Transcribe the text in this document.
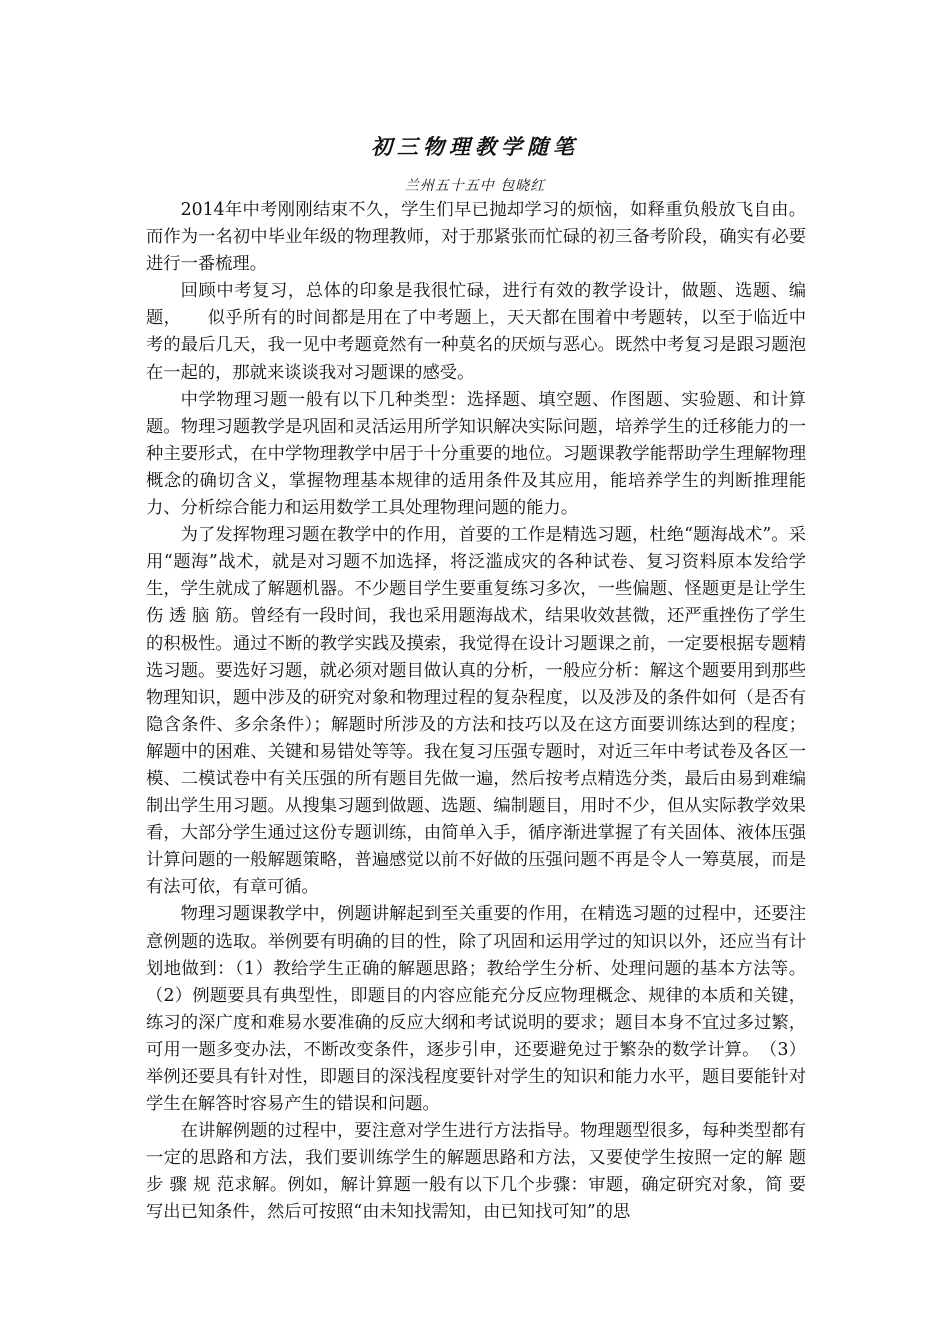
初三物理教学随笔
兰州五十五中 包晓红

2014年中考刚刚结束不久，学生们早已抛却学习的烦恼，如释重负般放飞自由。而作为一名初中毕业年级的物理教师，对于那紧张而忙碌的初三备考阶段，确实有必要进行一番梳理。

回顾中考复习，总体的印象是我很忙碌，进行有效的教学设计，做题、选题、编题，　　似乎所有的时间都是用在了中考题上，天天都在围着中考题转，以至于临近中考的最后几天，我一见中考题竟然有一种莫名的厌烦与恶心。既然中考复习是跟习题泡在一起的，那就来谈谈我对习题课的感受。

中学物理习题一般有以下几种类型：选择题、填空题、作图题、实验题、和计算题。物理习题教学是巩固和灵活运用所学知识解决实际问题，培养学生的迁移能力的一种主要形式，在中学物理教学中居于十分重要的地位。习题课教学能帮助学生理解物理概念的确切含义，掌握物理基本规律的适用条件及其应用，能培养学生的判断推理能力、分析综合能力和运用数学工具处理物理问题的能力。

为了发挥物理习题在教学中的作用，首要的工作是精选习题，杜绝“题海战术”。采用“题海”战术，就是对习题不加选择，将泛滥成灾的各种试卷、复习资料原本发给学生，学生就成了解题机器。不少题目学生要重复练习多次，一些偏题、怪题更是让学生伤 透 脑 筋。曾经有一段时间，我也采用题海战术，结果收效甚微，还严重挫伤了学生的积极性。通过不断的教学实践及摸索，我觉得在设计习题课之前，一定要根据专题精选习题。要选好习题，就必须对题目做认真的分析，一般应分析：解这个题要用到那些物理知识，题中涉及的研究对象和物理过程的复杂程度，以及涉及的条件如何（是否有隐含条件、多余条件）；解题时所涉及的方法和技巧以及在这方面要训练达到的程度；解题中的困难、关键和易错处等等。我在复习压强专题时，对近三年中考试卷及各区一模、二模试卷中有关压强的所有题目先做一遍，然后按考点精选分类，最后由易到难编制出学生用习题。从搜集习题到做题、选题、编制题目，用时不少，但从实际教学效果看，大部分学生通过这份专题训练，由简单入手，循序渐进掌握了有关固体、液体压强计算问题的一般解题策略，普遍感觉以前不好做的压强问题不再是令人一筹莫展，而是有法可依，有章可循。

物理习题课教学中，例题讲解起到至关重要的作用，在精选习题的过程中，还要注意例题的选取。举例要有明确的目的性，除了巩固和运用学过的知识以外，还应当有计划地做到：（1）教给学生正确的解题思路；教给学生分析、处理问题的基本方法等。（2）例题要具有典型性，即题目的内容应能充分反应物理概念、规律的本质和关键，练习的深广度和难易水要准确的反应大纲和考试说明的要求；题目本身不宜过多过繁，可用一题多变办法，不断改变条件，逐步引申，还要避免过于繁杂的数学计算。　（3）举例还要具有针对性，即题目的深浅程度要针对学生的知识和能力水平，题目要能针对学生在解答时容易产生的错误和问题。

在讲解例题的过程中，要注意对学生进行方法指导。物理题型很多，每种类型都有一定的思路和方法，我们要训练学生的解题思路和方法，又要使学生按照一定的解 题步 骤 规 范求解。例如，解计算题一般有以下几个步骤：审题，确定研究对象，简 要写出已知条件，然后可按照“由未知找需知，由已知找可知”的思
